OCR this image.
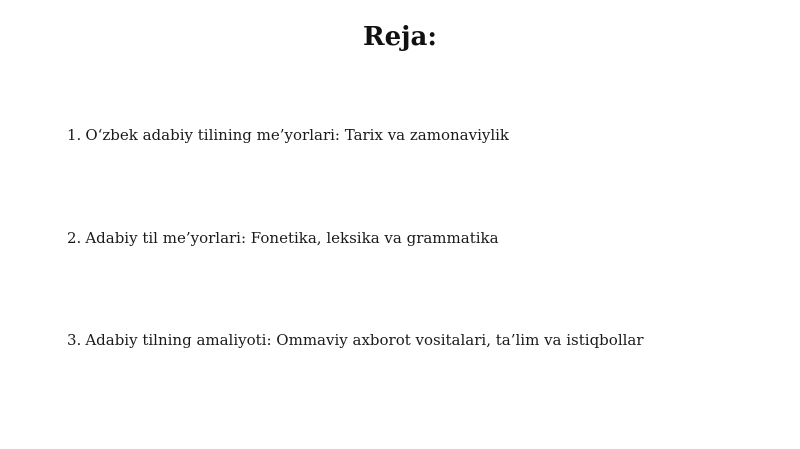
Reja:
1. O‘zbek adabiy tilining me’yorlari: Tarix va zamonaviylik
2. Adabiy til me’yorlari: Fonetika, leksika va grammatika
3. Adabiy tilning amaliyoti: Ommaviy axborot vositalari, ta’lim va istiqbollar
